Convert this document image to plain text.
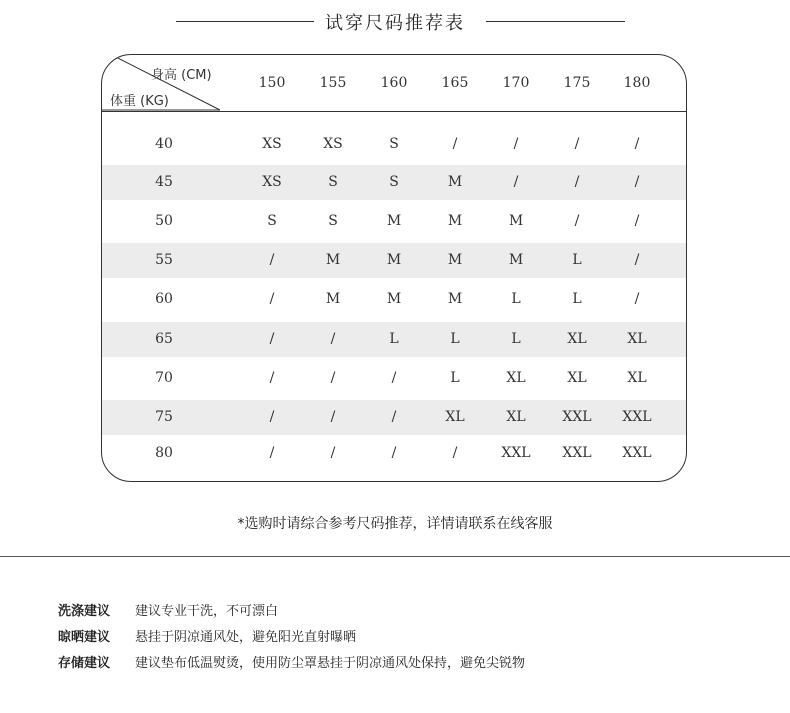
试穿尺码推荐表
身高 (CM)
体重 (KG)
150	155	160	165	170	175	180
40	XS	XS	S	/	/	/	/
45	XS	S	S	M	/	/	/
50	S	S	M	M	M	/	/
55	/	M	M	M	M	L	/
60	/	M	M	M	L	L	/
65	/	/	L	L	L	XL	XL
70	/	/	/	L	XL	XL	XL
75	/	/	/	XL	XL	XXL	XXL
80	/	/	/	/	XXL	XXL	XXL
*选购时请综合参考尺码推荐，详情请联系在线客服
洗涤建议 建议专业干洗，不可漂白
晾晒建议 悬挂于阴凉通风处，避免阳光直射曝晒
存储建议 建议垫布低温熨烫，使用防尘罩悬挂于阴凉通风处保持，避免尖锐物
